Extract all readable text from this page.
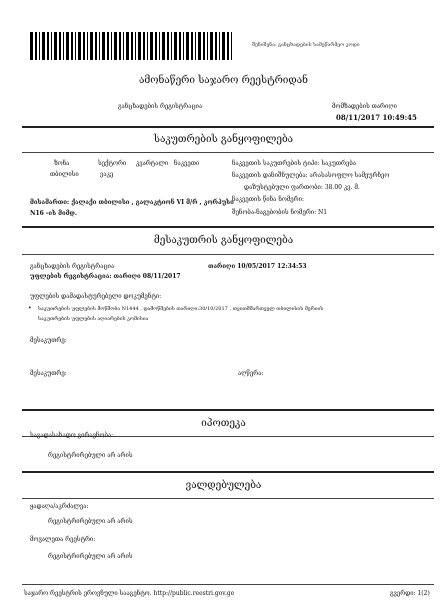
შენიშვნა: განცხადების სამეწარმეო კოდი
ამონაწერი საჯარო რეესტრიდან
განცხადების რეგისტრაცია	მომზადების თარიღი
08/11/2017 10:49:45
საკუთრების განყოფილება
ზონა	სექტორი კვარტალი ნაკვეთი
თბილისი	ვაკე
ნაკვეთის საკუთრების ტიპი: საკუთრება
ნაკვეთის დანიშნულება: არასასოფლო სამეურნეო
დაზუსტებული ფართობი: 38.00 კვ. მ.
ნაკვეთის წინა ნომერი:
მისამართი: ქალაქი თბილისი , გალაკტიონ VI მ/რ , კორპუსი
N16 -ის მიმდ.	შენობა-ნაგებობის ნომერი: N1
მესაკუთრის განყოფილება
განცხადების რეგისტრაცია	თარიღი 10/05/2017 12:34:53
უფლების რეგისტრაცია: თარიღი 08/11/2017
უფლების დამადასტურებელი დოკუმენტი:
• საკუთრების უფლების მოწმობა N1444 , დამოწმების თარიღი:30/10/2017 , თვითმმართველ თბილისის მერიის
საკუთრების უფლების აღიარების კომისია
მესაკუთრე:
მესაკუთრე:	აღწერა:
იპოთეკა
საგადასახადო გირავნობა:
რეგისტრირებული არ არის
ვალდებულება
ყადაღა/აკრძალვა:
რეგისტრირებული არ არის
მოვალეთა რეესტრი:
რეგისტრირებული არ არის
საჯარო რეესტრის ეროვნული სააგენტო. http://public.reestri.gov.ge	გვერდი: 1(2)
